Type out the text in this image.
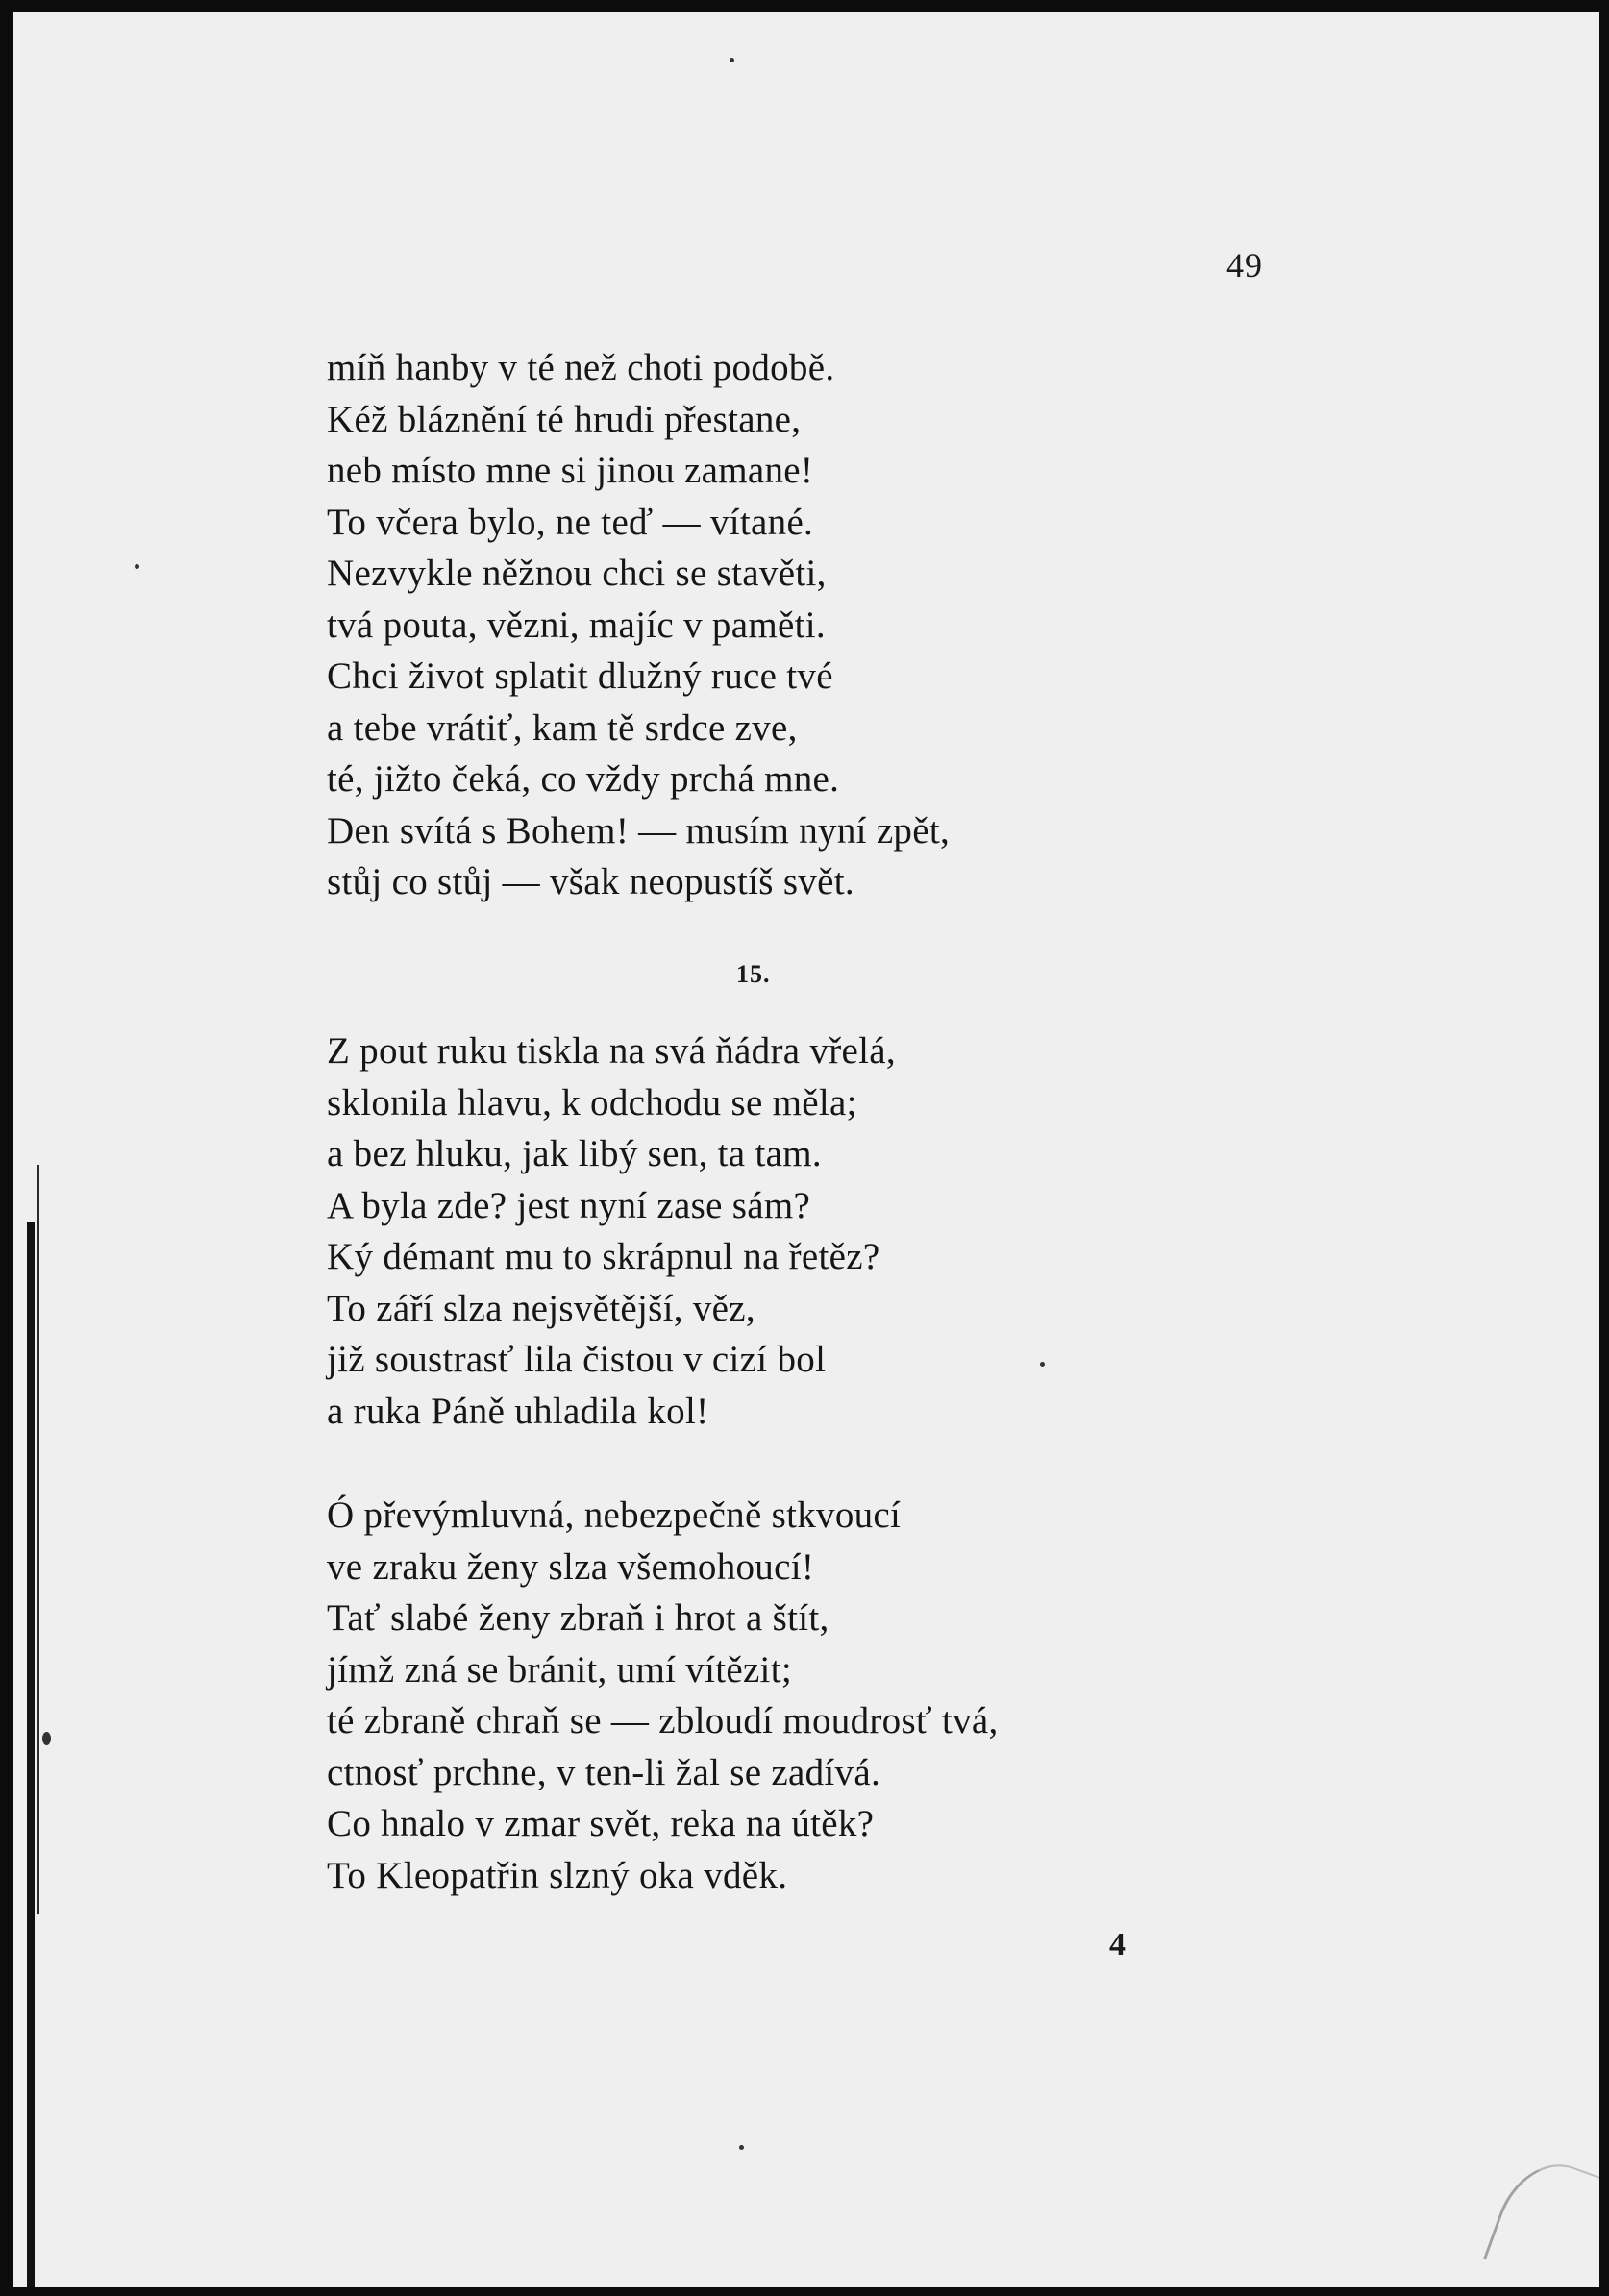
49
míň hanby v té než choti podobě.
Kéž bláznění té hrudi přestane,
neb místo mne si jinou zamane!
To včera bylo, ne teď — vítané.
Nezvykle něžnou chci se stavěti,
tvá pouta, vězni, majíc v paměti.
Chci život splatit dlužný ruce tvé
a tebe vrátiť, kam tě srdce zve,
té, jižto čeká, co vždy prchá mne.
Den svítá s Bohem! — musím nyní zpět,
stůj co stůj — však neopustíš svět.
15.
Z pout ruku tiskla na svá ňádra vřelá,
sklonila hlavu, k odchodu se měla;
a bez hluku, jak libý sen, ta tam.
A byla zde? jest nyní zase sám?
Ký démant mu to skrápnul na řetěz?
To září slza nejsvětější, věz,
již soustrasť lila čistou v cizí bol
a ruka Páně uhladila kol!
Ó převýmluvná, nebezpečně stkvoucí
ve zraku ženy slza všemohoucí!
Tať slabé ženy zbraň i hrot a štít,
jímž zná se bránit, umí vítězit;
té zbraně chraň se — zbloudí moudrosť tvá,
ctnosť prchne, v ten-li žal se zadívá.
Co hnalo v zmar svět, reka na útěk?
To Kleopatřin slzný oka vděk.
4
